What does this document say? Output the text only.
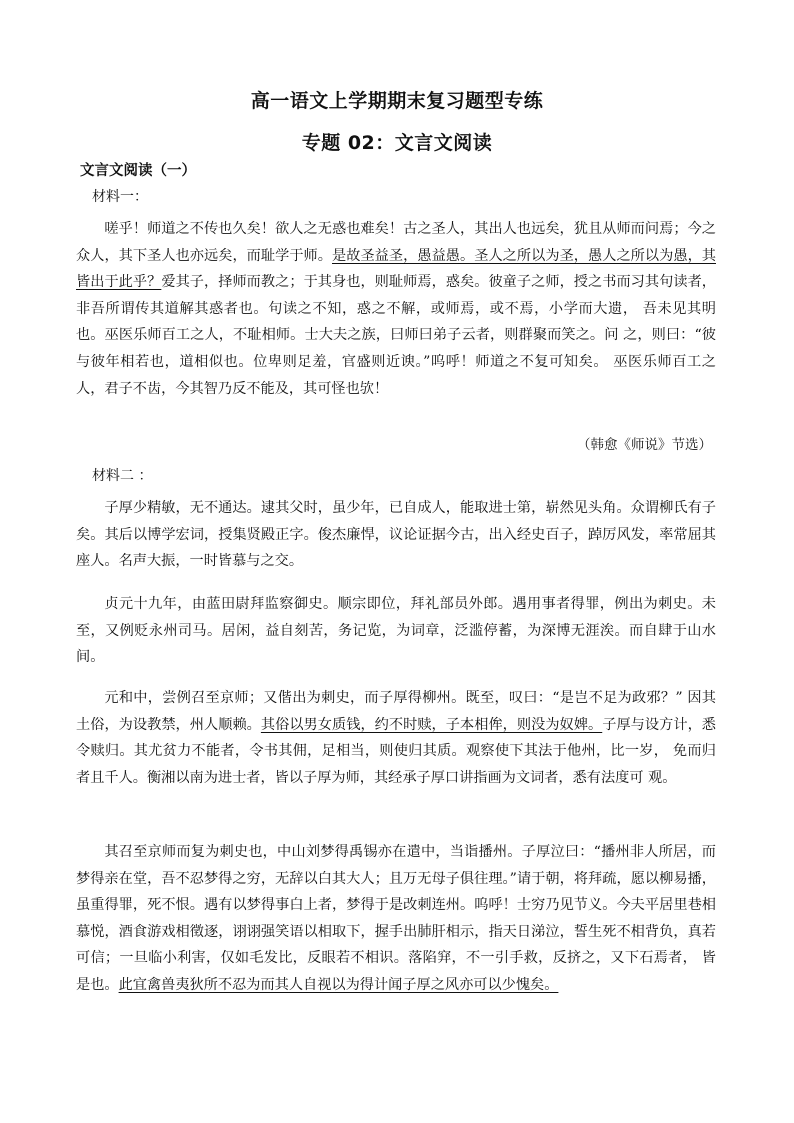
高一语文上学期期末复习题型专练
专题 02：文言文阅读
文言文阅读（一）
材料一：

嗟乎！师道之不传也久矣！欲人之无惑也难矣！古之圣人，其出人也远矣，犹且从师而问焉；今之众人，其下圣人也亦远矣，而耻学于师。是故圣益圣，愚益愚。圣人之所以为圣，愚人之所以为愚，其皆出于此乎？爱其子，择师而教之；于其身也，则耻师焉，惑矣。彼童子之师，授之书而习其句读者，非吾所谓传其道解其惑者也。句读之不知，惑之不解，或师焉，或不焉，小学而大遗， 吾未见其明也。巫医乐师百工之人，不耻相师。士大夫之族，曰师曰弟子云者，则群聚而笑之。问 之，则曰：“彼与彼年相若也，道相似也。位卑则足羞，官盛则近谀。”呜呼！师道之不复可知矣。 巫医乐师百工之人，君子不齿，今其智乃反不能及，其可怪也欤！

（韩愈《师说》节选）
材料二 ：

子厚少精敏，无不通达。逮其父时，虽少年，已自成人，能取进士第，崭然见头角。众谓柳氏有子矣。其后以博学宏词，授集贤殿正字。俊杰廉悍，议论证据今古，出入经史百子，踔厉风发，率常屈其座人。名声大振，一时皆慕与之交。

贞元十九年，由蓝田尉拜监察御史。顺宗即位，拜礼部员外郎。遇用事者得罪，例出为刺史。未至，又例贬永州司马。居闲，益自刻苦，务记览，为词章，泛滥停蓄，为深博无涯涘。而自肆于山水间。

元和中，尝例召至京师；又偕出为刺史，而子厚得柳州。既至，叹曰：“是岂不足为政邪？” 因其土俗，为设教禁，州人顺赖。其俗以男女质钱，约不时赎，子本相侔，则没为奴婢。子厚与设方计，悉令赎归。其尤贫力不能者，令书其佣，足相当，则使归其质。观察使下其法于他州，比一岁， 免而归者且千人。衡湘以南为进士者，皆以子厚为师，其经承子厚口讲指画为文词者，悉有法度可 观。

其召至京师而复为刺史也，中山刘梦得禹锡亦在遣中，当诣播州。子厚泣曰：“播州非人所居，而梦得亲在堂，吾不忍梦得之穷，无辞以白其大人；且万无母子俱往理。”请于朝，将拜疏，愿以柳易播，虽重得罪，死不恨。遇有以梦得事白上者，梦得于是改刺连州。呜呼！士穷乃见节义。今夫平居里巷相慕悦，酒食游戏相徵逐，诩诩强笑语以相取下，握手出肺肝相示，指天日涕泣，誓生死不相背负，真若可信；一旦临小利害，仅如毛发比，反眼若不相识。落陷穽，不一引手救，反挤之，又下石焉者， 皆是也。此宜禽兽夷狄所不忍为而其人自视以为得计闻子厚之风亦可以少愧矣。
